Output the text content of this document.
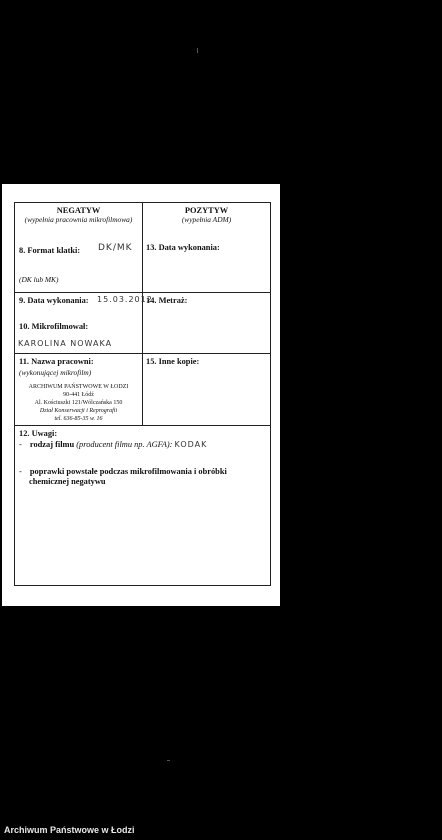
NEGATYW
(wypełnia pracownia mikrofilmowa)
POZYTYW
(wypełnia ADM)
8. Format klatki: DK/MK
(DK lub MK)
13. Data wykonania:
9. Data wykonania: 15.03.2012
14. Metraż:
10. Mikrofilmował:
KAROLINA NOWAKA
11. Nazwa pracowni:
(wykonującej mikrofilm)
ARCHIWUM PAŃSTWOWE W ŁODZI
90-441 Łódź
Al. Kościuszki 121/Wólczańska 150
Dział Konserwacji i Reprografii
tel. 636-85-35 w. 16
15. Inne kopie:
12. Uwagi:
- rodzaj filmu (producent filmu np. AGFA): KODAK
- poprawki powstałe podczas mikrofilmowania i obróbki
chemicznej negatywu
Archiwum Państwowe w Łodzi
